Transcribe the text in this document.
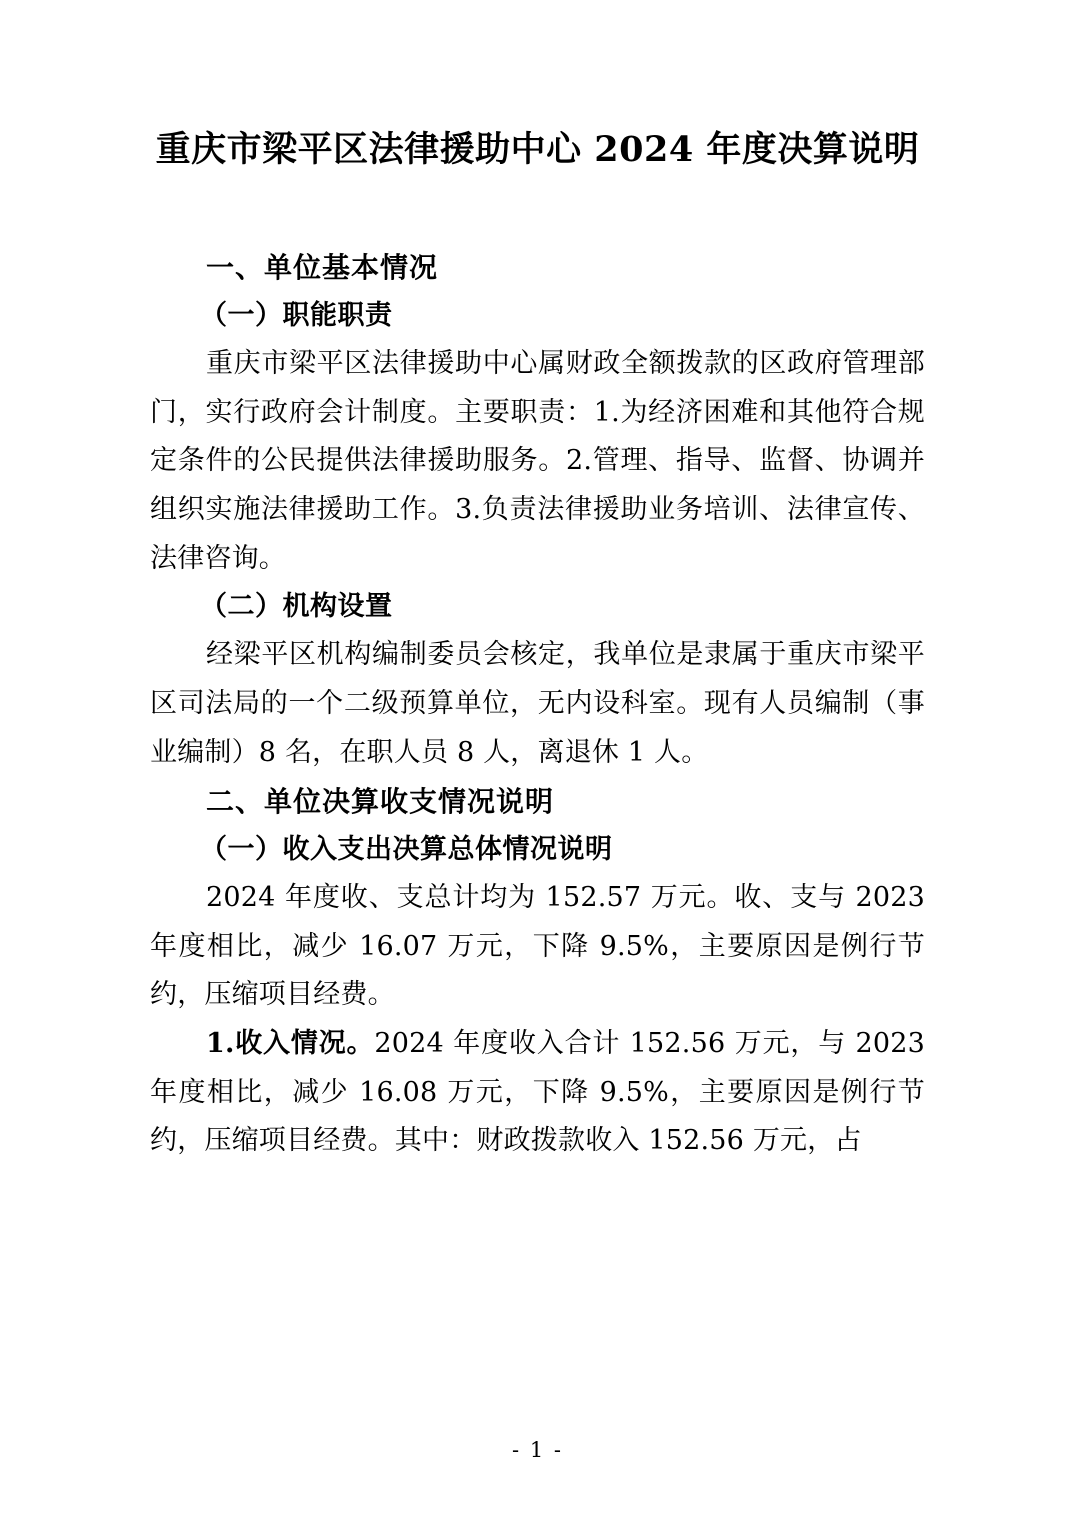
重庆市梁平区法律援助中心 2024 年度决算说明
一、单位基本情况
（一）职能职责

重庆市梁平区法律援助中心属财政全额拨款的区政府管理部门，实行政府会计制度。主要职责：1.为经济困难和其他符合规定条件的公民提供法律援助服务。2.管理、指导、监督、协调并组织实施法律援助工作。3.负责法律援助业务培训、法律宣传、法律咨询。

（二）机构设置

经梁平区机构编制委员会核定，我单位是隶属于重庆市梁平区司法局的一个二级预算单位，无内设科室。现有人员编制（事业编制）8 名，在职人员 8 人，离退休 1 人。

二、单位决算收支情况说明
（一）收入支出决算总体情况说明

2024 年度收、支总计均为 152.57 万元。收、支与 2023 年度相比，减少 16.07 万元，下降 9.5%，主要原因是例行节约，压缩项目经费。

1.收入情况。2024 年度收入合计 152.56 万元，与 2023 年度相比，减少 16.08 万元，下降 9.5%，主要原因是例行节约，压缩项目经费。其中：财政拨款收入 152.56 万元，占

- 1 -
